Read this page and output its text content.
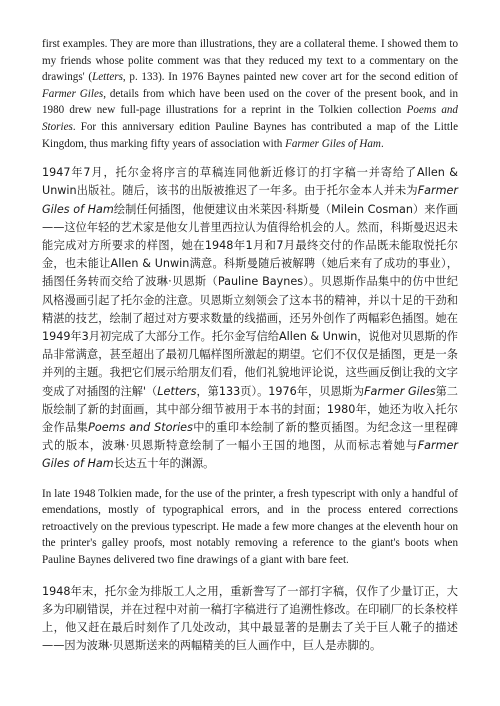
first examples. They are more than illustrations, they are a collateral theme. I showed them to my friends whose polite comment was that they reduced my text to a commentary on the drawings' (Letters, p. 133). In 1976 Baynes painted new cover art for the second edition of Farmer Giles, details from which have been used on the cover of the present book, and in 1980 drew new full-page illustrations for a reprint in the Tolkien collection Poems and Stories. For this anniversary edition Pauline Baynes has contributed a map of the Little Kingdom, thus marking fifty years of association with Farmer Giles of Ham.

1947年7月，托尔金将序言的草稿连同他新近修订的打字稿一并寄给了Allen & Unwin出版社。随后，该书的出版被推迟了一年多。由于托尔金本人并未为Farmer Giles of Ham绘制任何插图，他便建议由米莱因·科斯曼（Milein Cosman）来作画——这位年轻的艺术家是他女儿普里西拉认为值得给机会的人。然而，科斯曼迟迟未能完成对方所要求的样图，她在1948年1月和7月最终交付的作品既未能取悦托尔金，也未能让Allen & Unwin满意。科斯曼随后被解聘（她后来有了成功的事业），插图任务转而交给了波琳·贝恩斯（Pauline Baynes）。贝恩斯作品集中的仿中世纪风格漫画引起了托尔金的注意。贝恩斯立刻领会了这本书的精神，并以十足的干劲和精湛的技艺，绘制了超过对方要求数量的线描画，还另外创作了两幅彩色插图。她在1949年3月初完成了大部分工作。托尔金写信给Allen & Unwin，说他对贝恩斯的作品非常满意，甚至超出了最初几幅样图所激起的期望。它们不仅仅是插图，更是一条并列的主题。我把它们展示给朋友们看，他们礼貌地评论说，这些画反倒让我的文字变成了对插图的注解'（Letters，第133页）。1976年，贝恩斯为Farmer Giles第二版绘制了新的封面画，其中部分细节被用于本书的封面；1980年，她还为收入托尔金作品集Poems and Stories中的重印本绘制了新的整页插图。为纪念这一里程碑式的版本，波琳·贝恩斯特意绘制了一幅小王国的地图，从而标志着她与Farmer Giles of Ham长达五十年的渊源。

In late 1948 Tolkien made, for the use of the printer, a fresh typescript with only a handful of emendations, mostly of typographical errors, and in the process entered corrections retroactively on the previous typescript. He made a few more changes at the eleventh hour on the printer's galley proofs, most notably removing a reference to the giant's boots when Pauline Baynes delivered two fine drawings of a giant with bare feet.

1948年末，托尔金为排版工人之用，重新誊写了一部打字稿，仅作了少量订正，大多为印刷错误，并在过程中对前一稿打字稿进行了追溯性修改。在印刷厂的长条校样上，他又赶在最后时刻作了几处改动，其中最显著的是删去了关于巨人靴子的描述——因为波琳·贝恩斯送来的两幅精美的巨人画作中，巨人是赤脚的。
